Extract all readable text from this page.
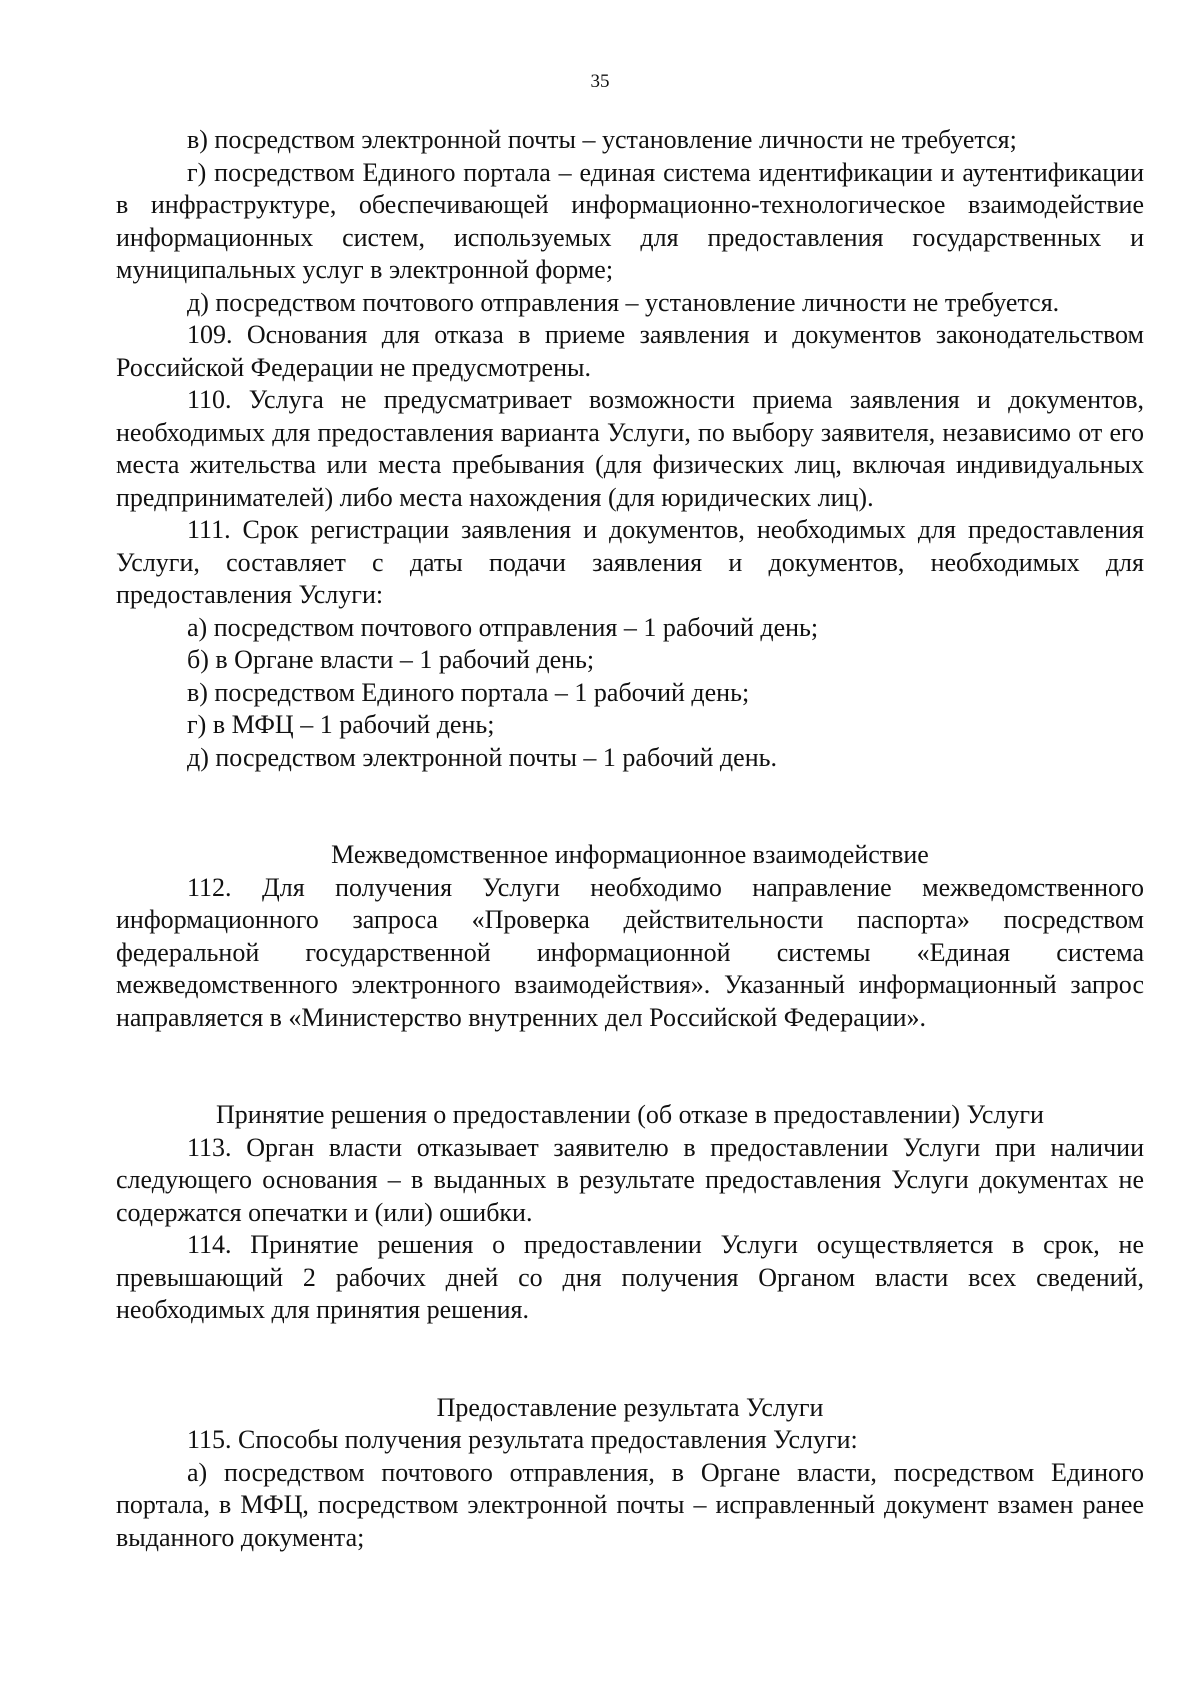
35

в) посредством электронной почты – установление личности не требуется;

г) посредством Единого портала – единая система идентификации и аутентификации в инфраструктуре, обеспечивающей информационно-технологическое взаимодействие информационных систем, используемых для предоставления государственных и муниципальных услуг в электронной форме;

д) посредством почтового отправления – установление личности не требуется.

109. Основания для отказа в приеме заявления и документов законодательством Российской Федерации не предусмотрены.

110. Услуга не предусматривает возможности приема заявления и документов, необходимых для предоставления варианта Услуги, по выбору заявителя, независимо от его места жительства или места пребывания (для физических лиц, включая индивидуальных предпринимателей) либо места нахождения (для юридических лиц).

111. Срок регистрации заявления и документов, необходимых для предоставления Услуги, составляет с даты подачи заявления и документов, необходимых для предоставления Услуги:

а) посредством почтового отправления – 1 рабочий день;

б) в Органе власти – 1 рабочий день;

в) посредством Единого портала – 1 рабочий день;

г) в МФЦ – 1 рабочий день;

д) посредством электронной почты – 1 рабочий день.

Межведомственное информационное взаимодействие

112. Для получения Услуги необходимо направление межведомственного информационного запроса «Проверка действительности паспорта» посредством федеральной государственной информационной системы «Единая система межведомственного электронного взаимодействия». Указанный информационный запрос направляется в «Министерство внутренних дел Российской Федерации».

Принятие решения о предоставлении (об отказе в предоставлении) Услуги

113. Орган власти отказывает заявителю в предоставлении Услуги при наличии следующего основания – в выданных в результате предоставления Услуги документах не содержатся опечатки и (или) ошибки.

114. Принятие решения о предоставлении Услуги осуществляется в срок, не превышающий 2 рабочих дней со дня получения Органом власти всех сведений, необходимых для принятия решения.

Предоставление результата Услуги

115. Способы получения результата предоставления Услуги:

а) посредством почтового отправления, в Органе власти, посредством Единого портала, в МФЦ, посредством электронной почты – исправленный документ взамен ранее выданного документа;
